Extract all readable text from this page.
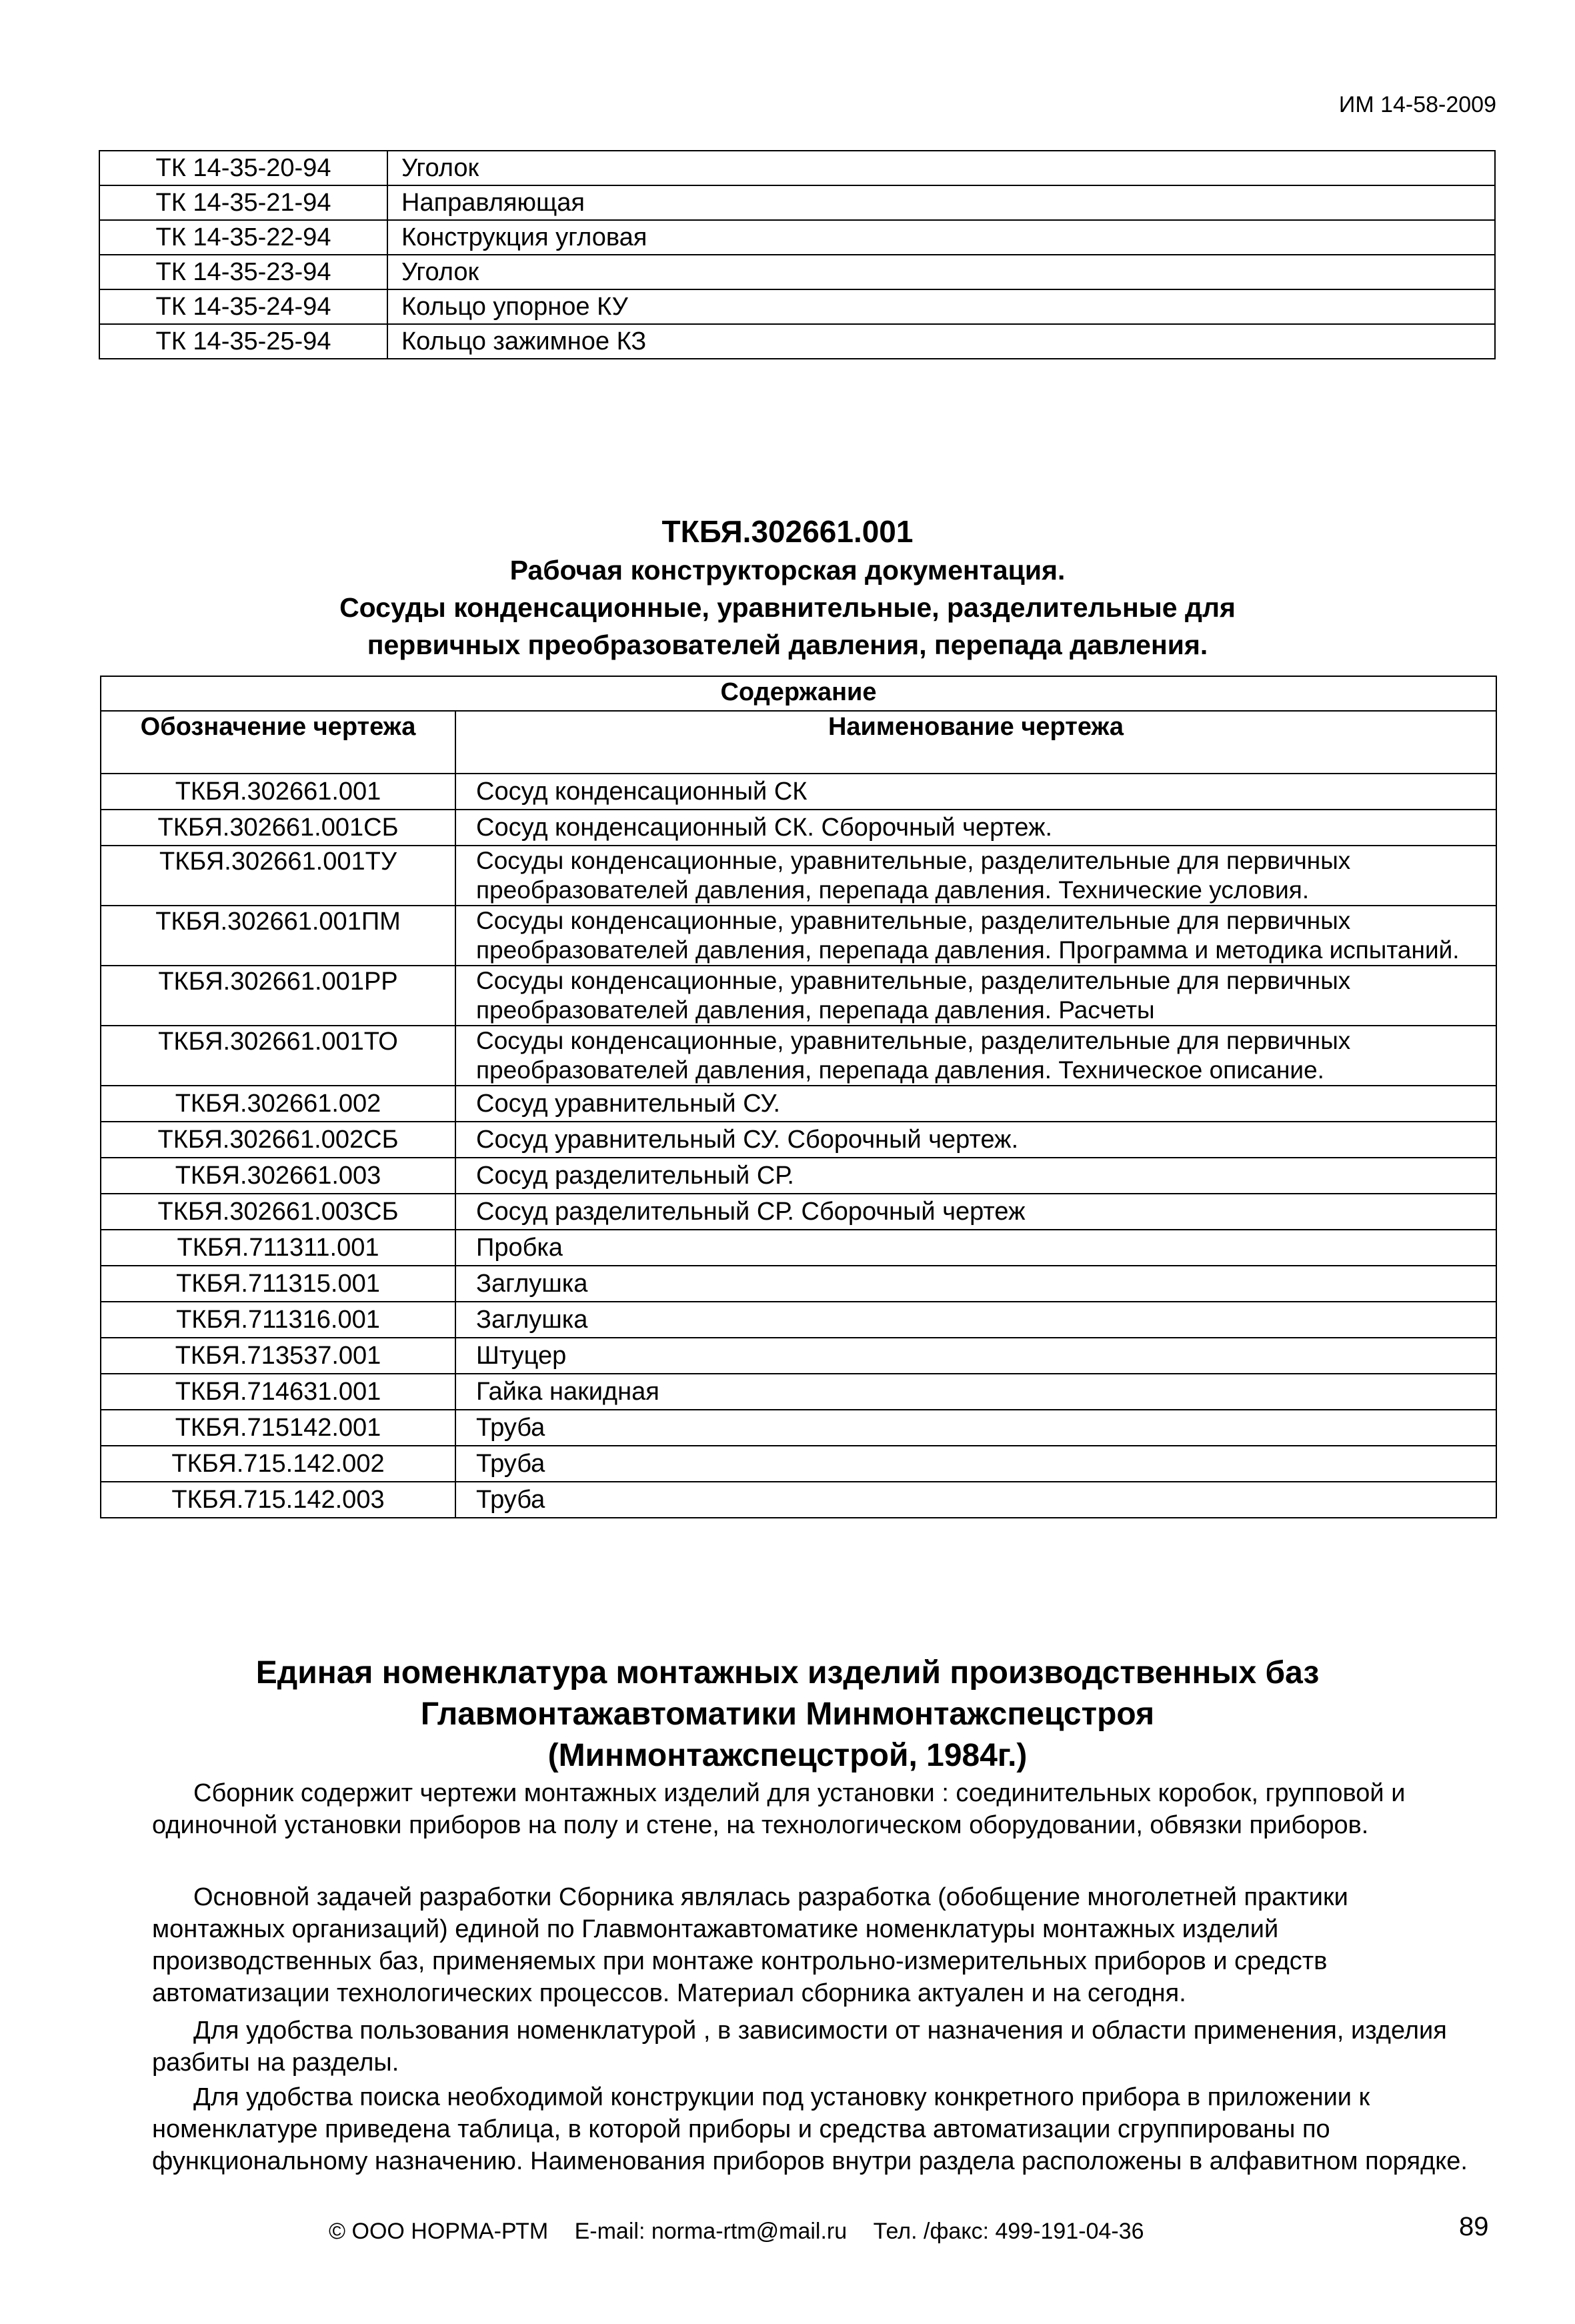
ИМ 14-58-2009
ТК 14-35-20-94	Уголок
ТК 14-35-21-94	Направляющая
ТК 14-35-22-94	Конструкция угловая
ТК 14-35-23-94	Уголок
ТК 14-35-24-94	Кольцо упорное КУ
ТК 14-35-25-94	Кольцо зажимное КЗ
ТКБЯ.302661.001
Рабочая конструкторская документация.
Сосуды конденсационные, уравнительные, разделительные для
первичных преобразователей давления, перепада давления.
Содержание	
Обозначение чертежа	Наименование чертежа
ТКБЯ.302661.001	Сосуд конденсационный СК
ТКБЯ.302661.001СБ	Сосуд конденсационный СК. Сборочный чертеж.
ТКБЯ.302661.001ТУ	Сосуды конденсационные, уравнительные, разделительные для первичных преобразователей давления, перепада давления. Технические условия.
ТКБЯ.302661.001ПМ	Сосуды конденсационные, уравнительные, разделительные для первичных преобразователей давления, перепада давления. Программа и методика испытаний.
ТКБЯ.302661.001РР	Сосуды конденсационные, уравнительные, разделительные для первичных преобразователей давления, перепада давления. Расчеты
ТКБЯ.302661.001ТО	Сосуды конденсационные, уравнительные, разделительные для первичных преобразователей давления, перепада давления. Техническое описание.
ТКБЯ.302661.002	Сосуд уравнительный СУ.
ТКБЯ.302661.002СБ	Сосуд уравнительный СУ. Сборочный чертеж.
ТКБЯ.302661.003	Сосуд разделительный СР.
ТКБЯ.302661.003СБ	Сосуд разделительный СР. Сборочный чертеж
ТКБЯ.711311.001	Пробка
ТКБЯ.711315.001	Заглушка
ТКБЯ.711316.001	Заглушка
ТКБЯ.713537.001	Штуцер
ТКБЯ.714631.001	Гайка накидная
ТКБЯ.715142.001	Труба
ТКБЯ.715.142.002	Труба
ТКБЯ.715.142.003	Труба
Единая номенклатура монтажных изделий производственных баз
Главмонтажавтоматики Минмонтажспецстроя
(Минмонтажспецстрой, 1984г.)

Сборник содержит чертежи монтажных изделий для установки : соединительных коробок, групповой и одиночной установки приборов на полу и стене, на технологическом оборудовании, обвязки приборов.

Основной задачей разработки Сборника являлась разработка (обобщение многолетней практики монтажных организаций) единой по Главмонтажавтоматике номенклатуры монтажных изделий производственных баз, применяемых при монтаже контрольно-измерительных приборов и средств автоматизации технологических процессов. Материал сборника актуален и на сегодня.

Для удобства пользования номенклатурой , в зависимости от назначения и области применения, изделия разбиты на разделы.

Для удобства поиска необходимой конструкции под установку конкретного прибора в приложении к номенклатуре приведена таблица, в которой приборы и средства автоматизации сгруппированы по функциональному назначению. Наименования приборов внутри раздела расположены в алфавитном порядке.

© ООО НОРМА-РТМ E-mail: norma-rtm@mail.ru Тел. /факс: 499-191-04-36	89
